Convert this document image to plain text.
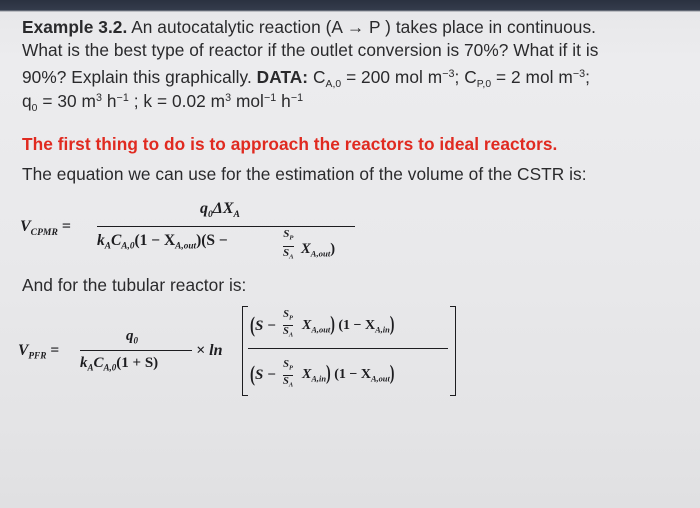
Example 3.2. An autocatalytic reaction (A → P ) takes place in continuous.
What is the best type of reactor if the outlet conversion is 70%? What if it is
90%? Explain this graphically. DATA: $C_{A,0} = 200$ mol $m^{-3}$; $C_{P,0} = 2$ mol $m^{-3}$;
$q_0 = 30$ $m^3$ $h^{-1}$ ; k = 0.02 $m^3$ mol$^{-1}$ $h^{-1}$
The first thing to do is to approach the reactors to ideal reactors.
The equation we can use for the estimation of the volume of the CSTR is:
$V_{CPMR}$ =
$q_0\Delta X_A$
$k_AC_{A,0}(1 - X_{A,out})(S$ −	$S_P$
$S_A$ $X_{A,out}$)
And for the tubular reactor is:
$V_{PFR}$ =
$q_0$
$k_AC_{A,0}(1 + S)$
× ln
(S −
$S_P$
$S_A$
$X_{A,out}$) $(1 - X_{A,in})$
(S −
$S_P$
$S_A$
$X_{A,in}$) $(1 - X_{A,out})$
